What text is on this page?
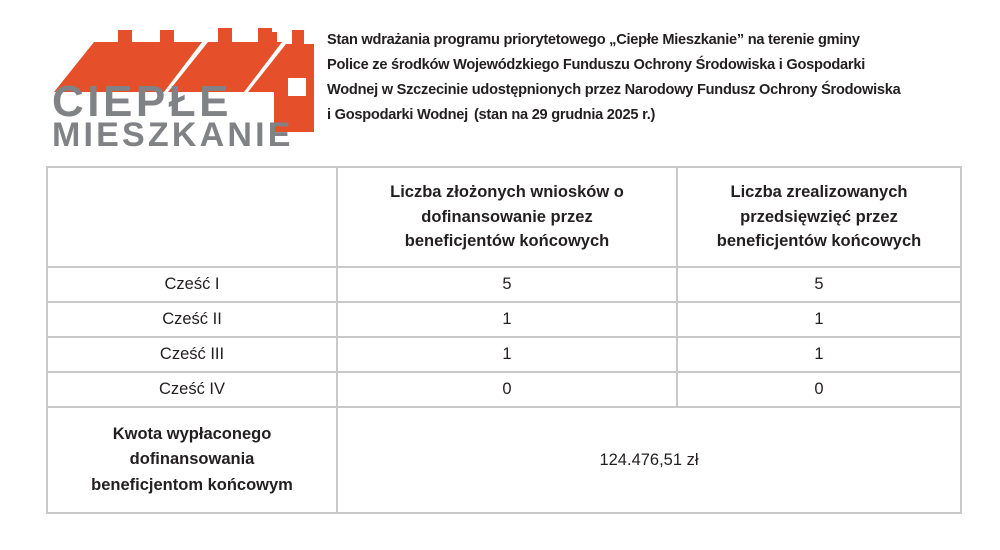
CIEPŁE
MIESZKANIE
Stan wdrażania programu priorytetowego „Ciepłe Mieszkanie” na terenie gminy
Police ze środków Wojewódzkiego Funduszu Ochrony Środowiska i Gospodarki
Wodnej w Szczecinie udostępnionych przez Narodowy Fundusz Ochrony Środowiska
i Gospodarki Wodnej (stan na 29 grudnia 2025 r.)

Liczba złożonych wniosków o
dofinansowanie przez
beneficjentów końcowych

Liczba zrealizowanych
przedsięwzięć przez
beneficjentów końcowych

Cześć I	5	5
Cześć II	1	1
Cześć III	1	1
Cześć IV	0	0

Kwota wypłaconego
dofinansowania
beneficjentom końcowym	124.476,51 zł	
